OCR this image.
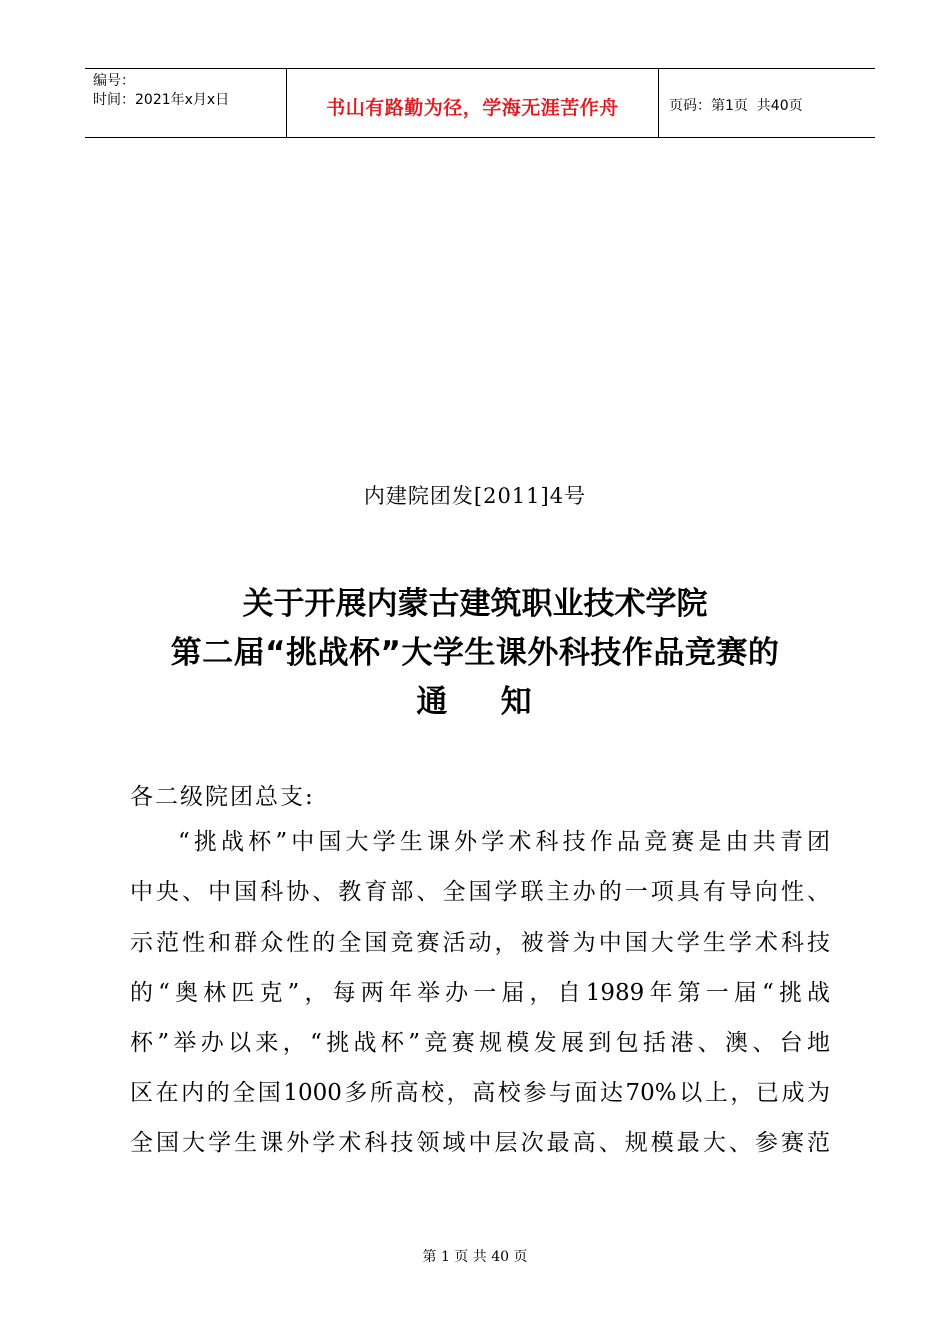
编号：
时间：2021年x月x日	书山有路勤为径，学海无涯苦作舟	页码：第1页  共40页
内建院团发[2011]4号
关于开展内蒙古建筑职业技术学院
第二届“挑战杯”大学生课外科技作品竞赛的
通    知
各二级院团总支:
“挑战杯”中国大学生课外学术科技作品竞赛是由共青团
中央、中国科协、教育部、全国学联主办的一项具有导向性、
示范性和群众性的全国竞赛活动，被誉为中国大学生学术科技
的“奥林匹克”，每两年举办一届，自1989年第一届“挑战
杯”举办以来，“挑战杯”竞赛规模发展到包括港、澳、台地
区在内的全国1000多所高校，高校参与面达70%以上，已成为
全国大学生课外学术科技领域中层次最高、规模最大、参赛范
第 1 页 共 40 页
